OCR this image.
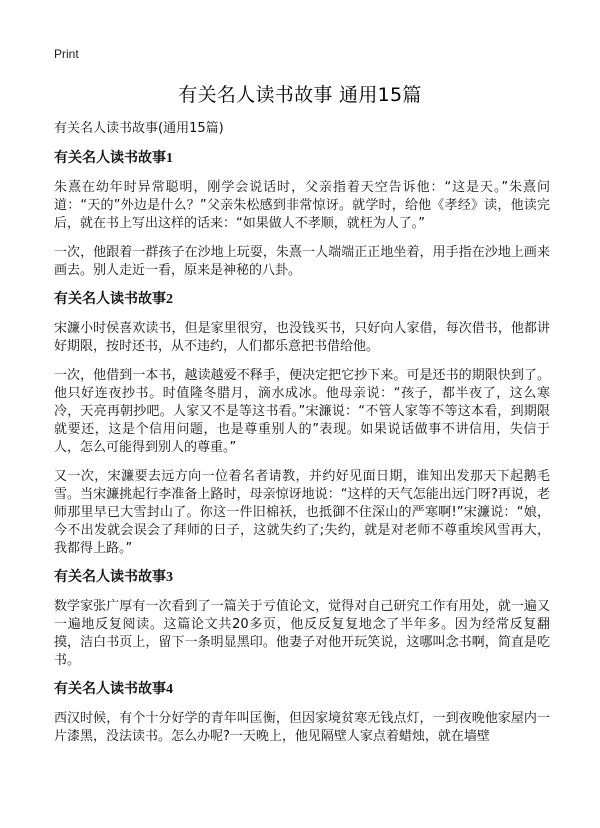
Print
有关名人读书故事 通用15篇

有关名人读书故事(通用15篇)

有关名人读书故事1

朱熹在幼年时异常聪明，刚学会说话时，父亲指着天空告诉他：“这是天。”朱熹问道：“天的”外边是什么？”父亲朱松感到非常惊讶。就学时，给他《孝经》读，他读完后，就在书上写出这样的话来：“如果做人不孝顺，就枉为人了。”

一次，他跟着一群孩子在沙地上玩耍，朱熹一人端端正正地坐着，用手指在沙地上画来画去。别人走近一看，原来是神秘的八卦。

有关名人读书故事2

宋濂小时侯喜欢读书，但是家里很穷，也没钱买书，只好向人家借，每次借书，他都讲好期限，按时还书，从不违约，人们都乐意把书借给他。

一次，他借到一本书，越读越爱不释手，便决定把它抄下来。可是还书的期限快到了。他只好连夜抄书。时值隆冬腊月，滴水成冰。他母亲说：“孩子，都半夜了，这么寒冷，天亮再朝抄吧。人家又不是等这书看。”宋濂说：“不管人家等不等这本看，到期限就要还，这是个信用问题，也是尊重别人的”表现。如果说话做事不讲信用，失信于人，怎么可能得到别人的尊重。”

又一次，宋濂要去远方向一位着名者请教，并约好见面日期，谁知出发那天下起鹅毛雪。当宋濂挑起行李准备上路时，母亲惊讶地说：“这样的天气怎能出远门呀?再说，老师那里早已大雪封山了。你这一件旧棉袄，也抵御不住深山的严寒啊!”宋濂说：“娘，今不出发就会误会了拜师的日子，这就失约了;失约，就是对老师不尊重埃风雪再大，我都得上路。”

有关名人读书故事3

数学家张广厚有一次看到了一篇关于亏值论文，觉得对自己研究工作有用处，就一遍又一遍地反复阅读。这篇论文共20多页，他反反复复地念了半年多。因为经常反复翻摸，洁白书页上，留下一条明显黑印。他妻子对他开玩笑说，这哪叫念书啊，简直是吃书。

有关名人读书故事4

西汉时候，有个十分好学的青年叫匡衡，但因家境贫寒无钱点灯，一到夜晚他家屋内一片漆黑，没法读书。怎么办呢?一天晚上，他见隔壁人家点着蜡烛，就在墙壁
